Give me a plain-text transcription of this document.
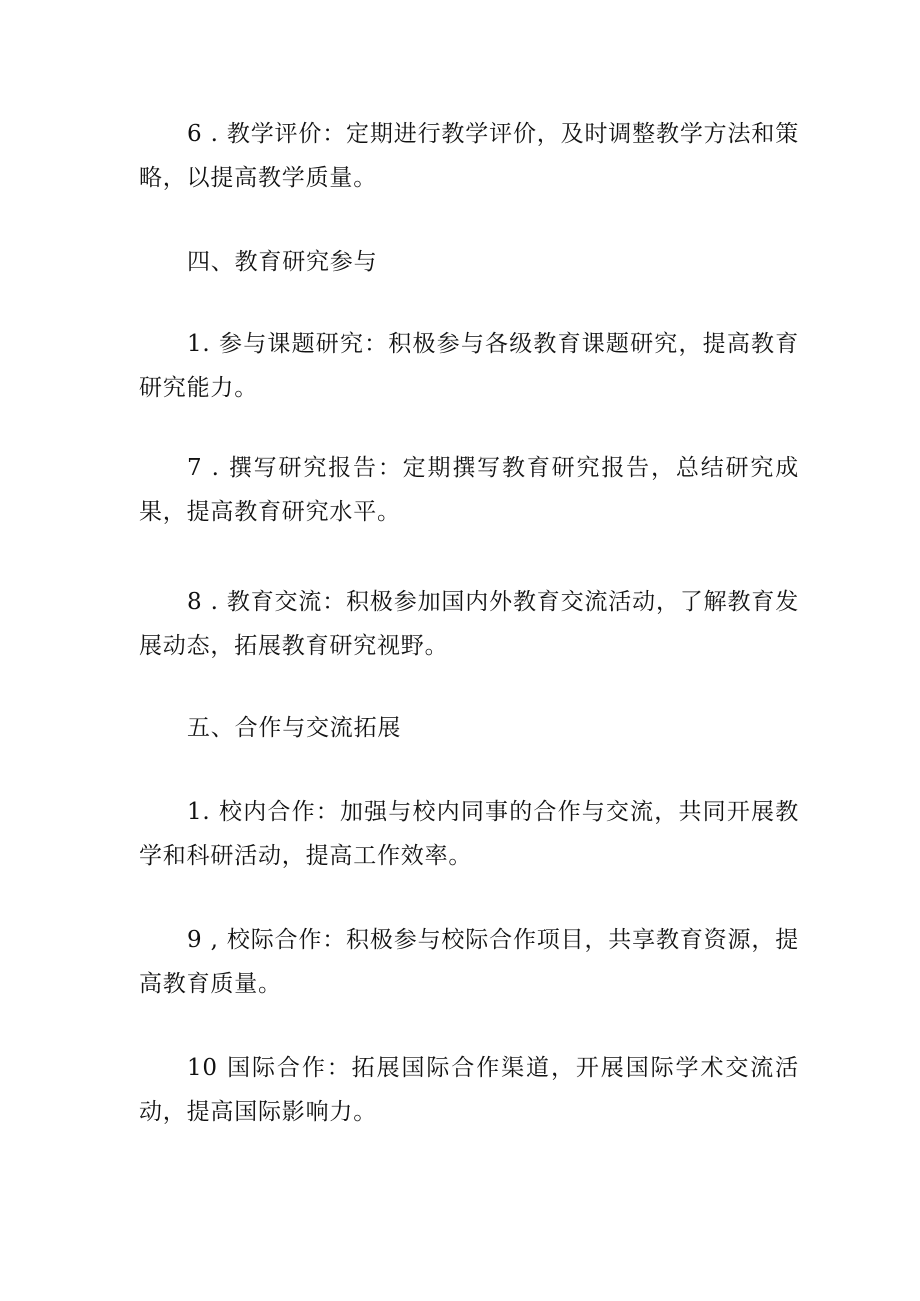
6 . 教学评价：定期进行教学评价，及时调整教学方法和策略，以提高教学质量。

四、教育研究参与

1. 参与课题研究：积极参与各级教育课题研究，提高教育研究能力。

7 . 撰写研究报告：定期撰写教育研究报告，总结研究成果，提高教育研究水平。

8 . 教育交流：积极参加国内外教育交流活动，了解教育发展动态，拓展教育研究视野。

五、合作与交流拓展

1. 校内合作：加强与校内同事的合作与交流，共同开展教学和科研活动，提高工作效率。

9 , 校际合作：积极参与校际合作项目，共享教育资源，提高教育质量。

10 国际合作：拓展国际合作渠道，开展国际学术交流活动，提高国际影响力。
